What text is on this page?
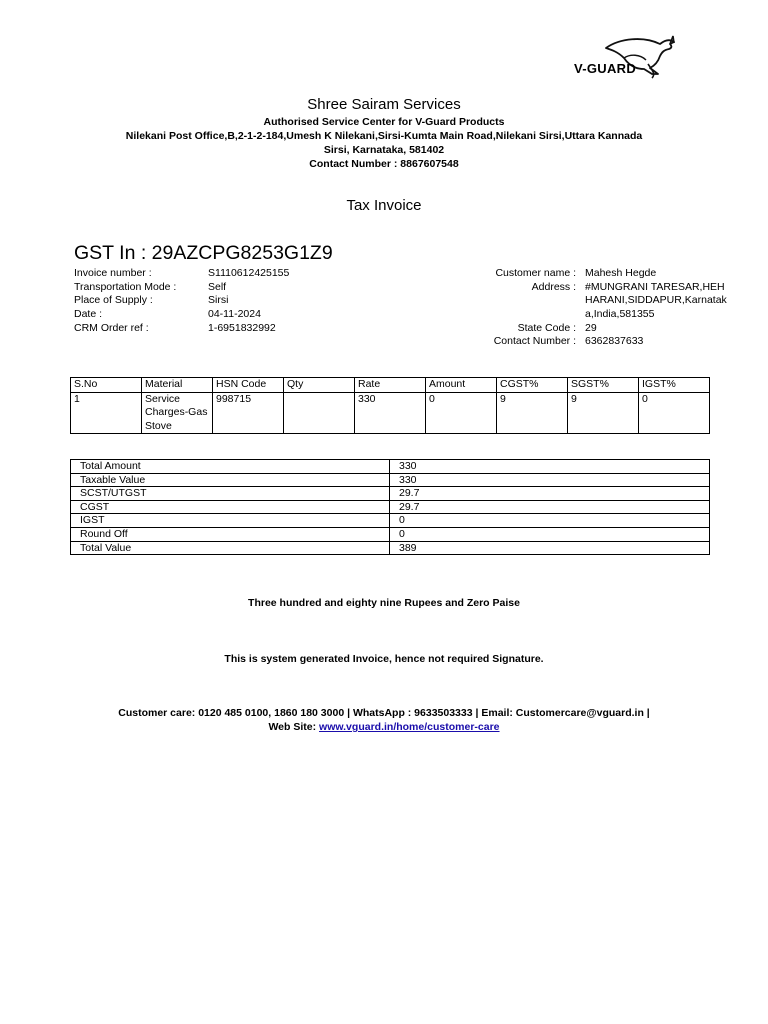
V-GUARD
Shree Sairam Services
Authorised Service Center for V-Guard Products
Nilekani Post Office,B,2-1-2-184,Umesh K Nilekani,Sirsi-Kumta Main Road,Nilekani Sirsi,Uttara Kannada
Sirsi, Karnataka, 581402
Contact Number : 8867607548
Tax Invoice
GST In : 29AZCPG8253G1Z9
Invoice number :	S1110612425155
Transportation Mode :	Self
Place of Supply :	Sirsi
Date :	04-11-2024
CRM Order ref :	1-6951832992
Customer name : Mahesh Hegde
Address : #MUNGRANI TARESAR,HEHHARANI,SIDDAPUR,Karnataka,India,581355
State Code : 29
Contact Number : 6362837633
S.No	Material	HSN Code	Qty	Rate	Amount	CGST%	SGST%	IGST%
1	Service Charges-Gas Stove	998715		330	0	9	9	0
Total Amount	330
Taxable Value	330
SCST/UTGST	29.7
CGST	29.7
IGST	0
Round Off	0
Total Value	389
Three hundred and eighty nine Rupees and Zero Paise
This is system generated Invoice, hence not required Signature.
Customer care: 0120 485 0100, 1860 180 3000 | WhatsApp : 9633503333 | Email: Customercare@vguard.in |
Web Site: www.vguard.in/home/customer-care
